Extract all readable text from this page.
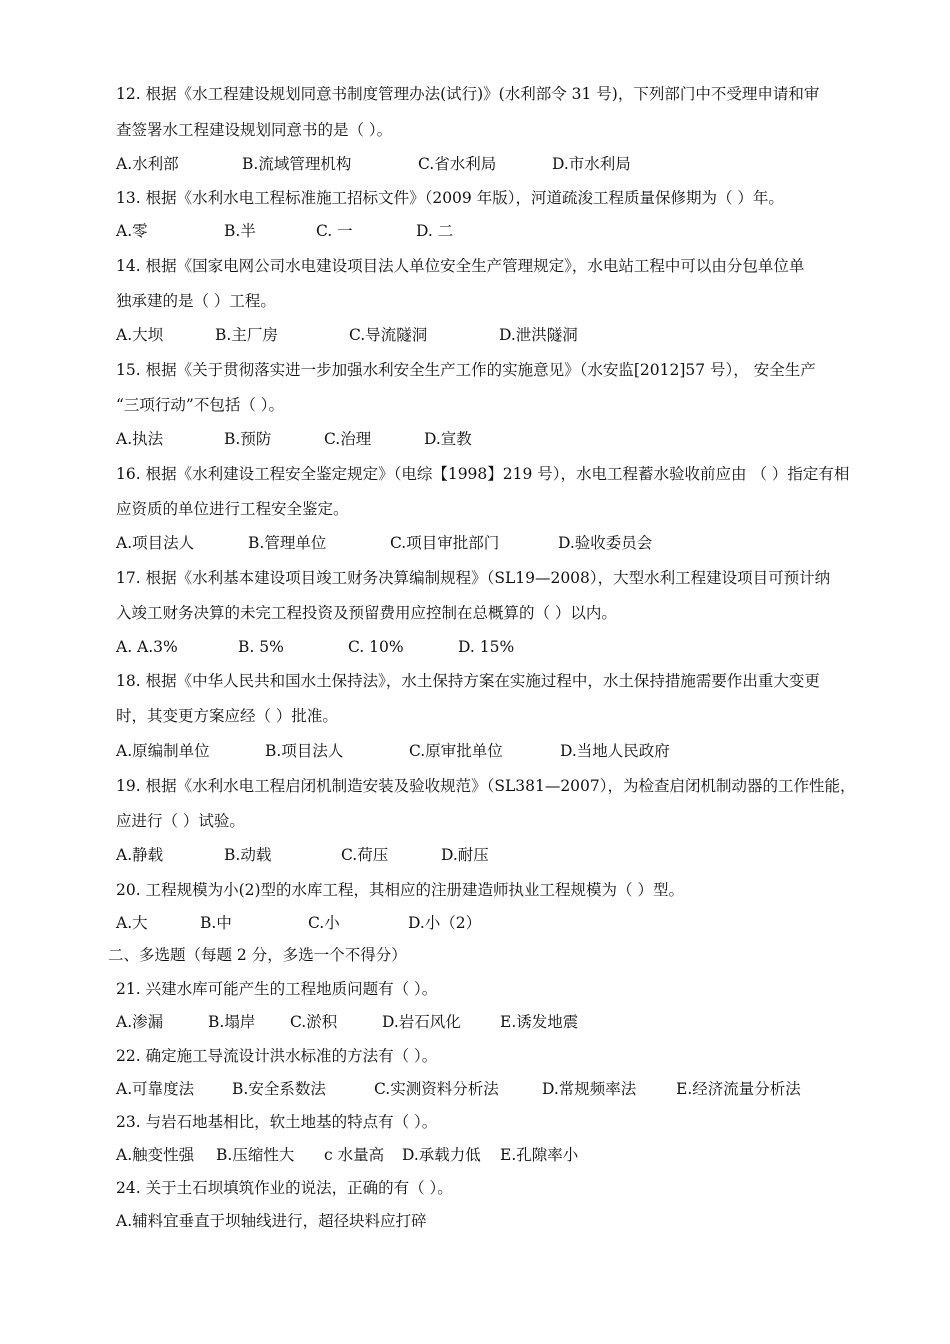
12. 根据《水工程建设规划同意书制度管理办法(试行)》(水利部令 31 号)，下列部门中不受理申请和审
查签署水工程建设规划同意书的是（ ）。
A.水利部	B.流域管理机构	C.省水利局	D.市水利局
13. 根据《水利水电工程标准施工招标文件》（2009 年版），河道疏浚工程质量保修期为（ ）年。
A.零	B.半	C. 一	D. 二
14. 根据《国家电网公司水电建设项目法人单位安全生产管理规定》，水电站工程中可以由分包单位单
独承建的是（ ）工程。
A.大坝	B.主厂房	C.导流隧洞	D.泄洪隧洞
15. 根据《关于贯彻落实进一步加强水利安全生产工作的实施意见》（水安监[2012]57 号）， 安全生产
“三项行动”不包括（ ）。
A.执法	B.预防	C.治理	D.宣教
16. 根据《水利建设工程安全鉴定规定》（电综【1998】219 号），水电工程蓄水验收前应由 （ ）指定有相
应资质的单位进行工程安全鉴定。
A.项目法人	B.管理单位	C.项目审批部门	D.验收委员会
17. 根据《水利基本建设项目竣工财务决算编制规程》（SL19—2008），大型水利工程建设项目可预计纳
入竣工财务决算的未完工程投资及预留费用应控制在总概算的（ ）以内。
A. A.3%	B. 5%	C. 10%	D. 15%
18. 根据《中华人民共和国水土保持法》，水土保持方案在实施过程中，水土保持措施需要作出重大变更
时，其变更方案应经（ ）批准。
A.原编制单位	B.项目法人	C.原审批单位	D.当地人民政府
19. 根据《水利水电工程启闭机制造安装及验收规范》（SL381—2007），为检查启闭机制动器的工作性能，
应进行（ ）试验。
A.静载	B.动载	C.荷压	D.耐压
20. 工程规模为小(2)型的水库工程，其相应的注册建造师执业工程规模为（ ）型。
A.大	B.中	C.小	D.小（2）
二、多选题（每题 2 分，多选一个不得分）
21. 兴建水库可能产生的工程地质问题有（ ）。
A.渗漏	B.塌岸	C.淤积	D.岩石风化	E.诱发地震
22. 确定施工导流设计洪水标准的方法有（ ）。
A.可靠度法	B.安全系数法	C.实测资料分析法	D.常规频率法	E.经济流量分析法
23. 与岩石地基相比，软土地基的特点有（ ）。
A.触变性强	B.压缩性大	c 水量高	D.承载力低	E.孔隙率小
24. 关于土石坝填筑作业的说法，正确的有（ ）。
A.辅料宜垂直于坝轴线进行，超径块料应打碎
